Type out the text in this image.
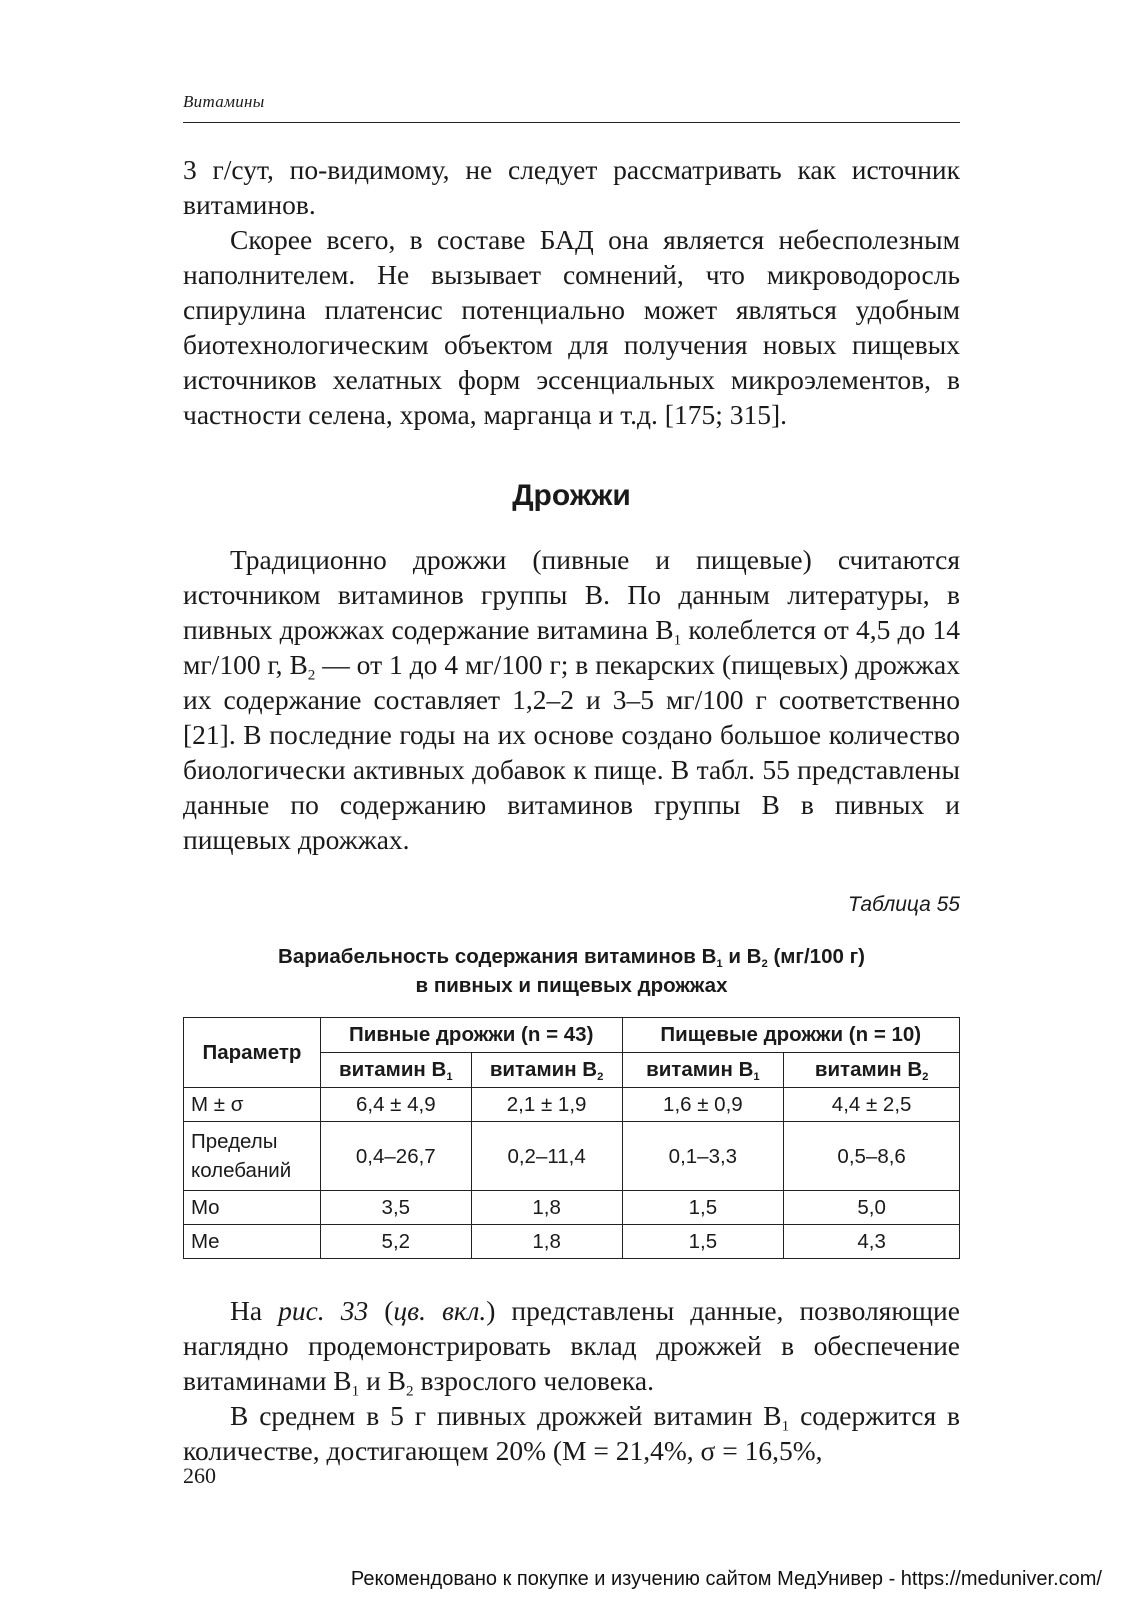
Витамины

3 г/сут, по-видимому, не следует рассматривать как источник витаминов.

Скорее всего, в составе БАД она является небесполезным наполнителем. Не вызывает сомнений, что микроводоросль спирулина платенсис потенциально может являться удобным биотехнологическим объектом для получения новых пищевых источников хелатных форм эссенциальных микроэлементов, в частности селена, хрома, марганца и т.д. [175; 315].

Дрожжи

Традиционно дрожжи (пивные и пищевые) считаются источником витаминов группы B. По данным литературы, в пивных дрожжах содержание витамина $B_1$ колеблется от 4,5 до 14 мг/100 г, $B_2$ — от 1 до 4 мг/100 г; в пекарских (пищевых) дрожжах их содержание составляет 1,2–2 и 3–5 мг/100 г соответственно [21]. В последние годы на их основе создано большое количество биологически активных добавок к пище. В табл. 55 представлены данные по содержанию витаминов группы B в пивных и пищевых дрожжах.

Таблица 55
Вариабельность содержания витаминов $B_1$ и $B_2$ (мг/100 г)
в пивных и пищевых дрожжах
Параметр	Пивные дрожжи (n = 43)		Пищевые дрожжи (n = 10)	
	витамин $B_1$	витамин $B_2$	витамин $B_1$	витамин $B_2$
M ± σ	6,4 ± 4,9	2,1 ± 1,9	1,6 ± 0,9	4,4 ± 2,5
Пределы колебаний	0,4–26,7	0,2–11,4	0,1–3,3	0,5–8,6
Mo	3,5	1,8	1,5	5,0
Me	5,2	1,8	1,5	4,3

На рис. 33 (цв. вкл.) представлены данные, позволяющие наглядно продемонстрировать вклад дрожжей в обеспечение витаминами $B_1$ и $B_2$ взрослого человека.

В среднем в 5 г пивных дрожжей витамин $B_1$ содержится в количестве, достигающем 20% (M = 21,4%, σ = 16,5%,

260
Рекомендовано к покупке и изучению сайтом МедУнивер - https://meduniver.com/
